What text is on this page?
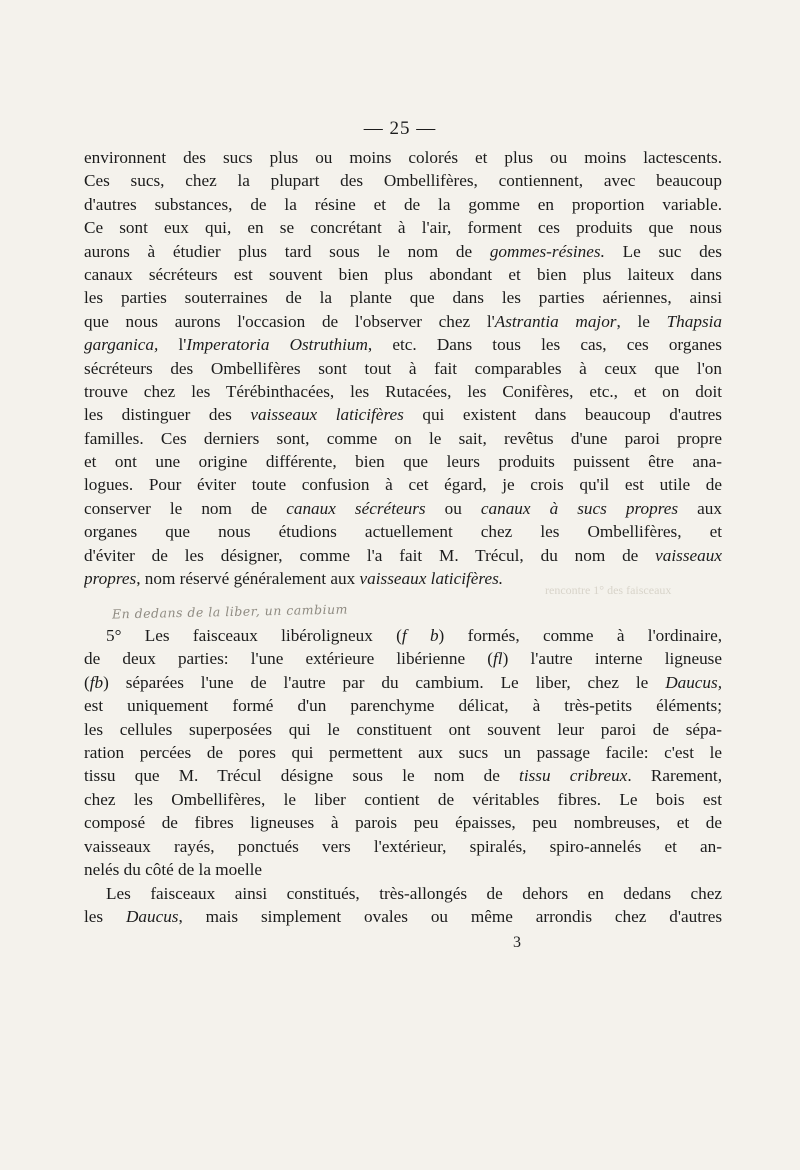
— 25 —
rencontre 1° des faisceaux
environnent des sucs plus ou moins colorés et plus ou moins lactescents.
Ces sucs, chez la plupart des Ombellifères, contiennent, avec beaucoup
d'autres substances, de la résine et de la gomme en proportion variable.
Ce sont eux qui, en se concrétant à l'air, forment ces produits que nous
aurons à étudier plus tard sous le nom de gommes-résines. Le suc des
canaux sécréteurs est souvent bien plus abondant et bien plus laiteux dans
les parties souterraines de la plante que dans les parties aériennes, ainsi
que nous aurons l'occasion de l'observer chez l'Astrantia major, le Thapsia
garganica, l'Imperatoria Ostruthium, etc. Dans tous les cas, ces organes
sécréteurs des Ombellifères sont tout à fait comparables à ceux que l'on
trouve chez les Térébinthacées, les Rutacées, les Conifères, etc., et on doit
les distinguer des vaisseaux laticifères qui existent dans beaucoup d'autres
familles. Ces derniers sont, comme on le sait, revêtus d'une paroi propre
et ont une origine différente, bien que leurs produits puissent être ana-
logues. Pour éviter toute confusion à cet égard, je crois qu'il est utile de
conserver le nom de canaux sécréteurs ou canaux à sucs propres aux
organes que nous étudions actuellement chez les Ombellifères, et
d'éviter de les désigner, comme l'a fait M. Trécul, du nom de vaisseaux
propres, nom réservé généralement aux vaisseaux laticifères.
En dedans de la liber, un cambium
5° Les faisceaux libéroligneux (f b) formés, comme à l'ordinaire,
de deux parties: l'une extérieure libérienne (fl) l'autre interne ligneuse
(fb) séparées l'une de l'autre par du cambium. Le liber, chez le Daucus,
est uniquement formé d'un parenchyme délicat, à très-petits éléments;
les cellules superposées qui le constituent ont souvent leur paroi de sépa-
ration percées de pores qui permettent aux sucs un passage facile: c'est le
tissu que M. Trécul désigne sous le nom de tissu cribreux. Rarement,
chez les Ombellifères, le liber contient de véritables fibres. Le bois est
composé de fibres ligneuses à parois peu épaisses, peu nombreuses, et de
vaisseaux rayés, ponctués vers l'extérieur, spiralés, spiro-annelés et an-
nelés du côté de la moelle
Les faisceaux ainsi constitués, très-allongés de dehors en dedans chez
les Daucus, mais simplement ovales ou même arrondis chez d'autres
3
